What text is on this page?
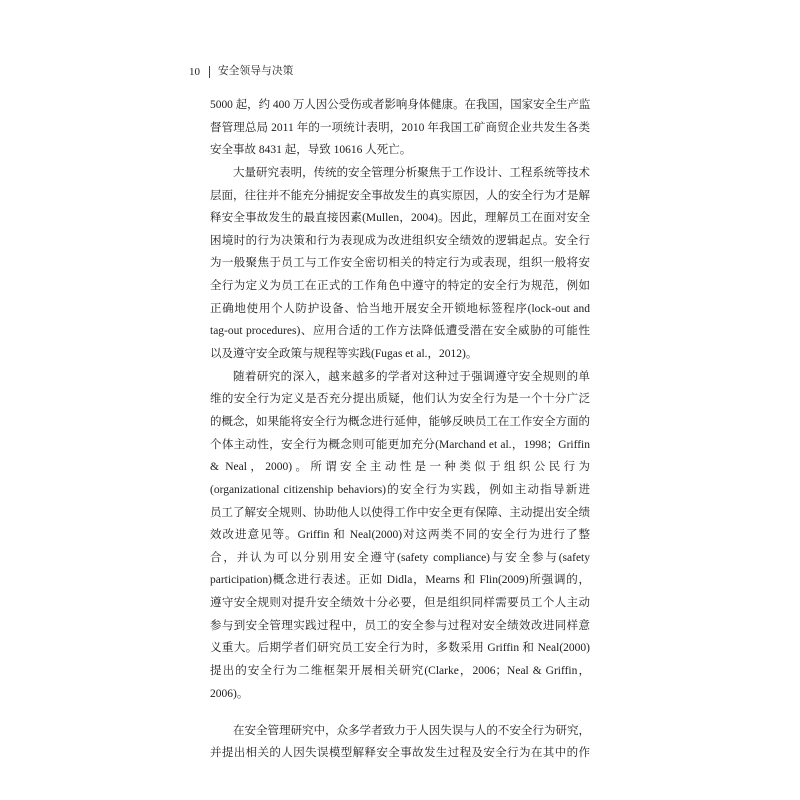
10 安全领导与决策
5000 起，约 400 万人因公受伤或者影响身体健康。在我国，国家安全生产监
督管理总局 2011 年的一项统计表明，2010 年我国工矿商贸企业共发生各类
安全事故 8431 起，导致 10616 人死亡。
大量研究表明，传统的安全管理分析聚焦于工作设计、工程系统等技术
层面，往往并不能充分捕捉安全事故发生的真实原因，人的安全行为才是解
释安全事故发生的最直接因素(Mullen，2004)。因此，理解员工在面对安全
困境时的行为决策和行为表现成为改进组织安全绩效的逻辑起点。安全行
为一般聚焦于员工与工作安全密切相关的特定行为或表现，组织一般将安
全行为定义为员工在正式的工作角色中遵守的特定的安全行为规范，例如
正确地使用个人防护设备、恰当地开展安全开锁地标签程序(lock-out and
tag-out procedures)、应用合适的工作方法降低遭受潜在安全威胁的可能性
以及遵守安全政策与规程等实践(Fugas et al.，2012)。
随着研究的深入，越来越多的学者对这种过于强调遵守安全规则的单
维的安全行为定义是否充分提出质疑，他们认为安全行为是一个十分广泛
的概念，如果能将安全行为概念进行延伸，能够反映员工在工作安全方面的
个体主动性，安全行为概念则可能更加充分(Marchand et al.，1998；Griffin
& Neal，2000)。所谓安全主动性是一种类似于组织公民行为
(organizational citizenship behaviors)的安全行为实践，例如主动指导新进
员工了解安全规则、协助他人以使得工作中安全更有保障、主动提出安全绩
效改进意见等。Griffin 和 Neal(2000)对这两类不同的安全行为进行了整
合，并认为可以分别用安全遵守(safety compliance)与安全参与(safety
participation)概念进行表述。正如 Didla，Mearns 和 Flin(2009)所强调的，
遵守安全规则对提升安全绩效十分必要，但是组织同样需要员工个人主动
参与到安全管理实践过程中，员工的安全参与过程对安全绩效改进同样意
义重大。后期学者们研究员工安全行为时，多数采用 Griffin 和 Neal(2000)
提出的安全行为二维框架开展相关研究(Clarke，2006；Neal & Griffin，
2006)。
在安全管理研究中，众多学者致力于人因失误与人的不安全行为研究，
并提出相关的人因失误模型解释安全事故发生过程及安全行为在其中的作
